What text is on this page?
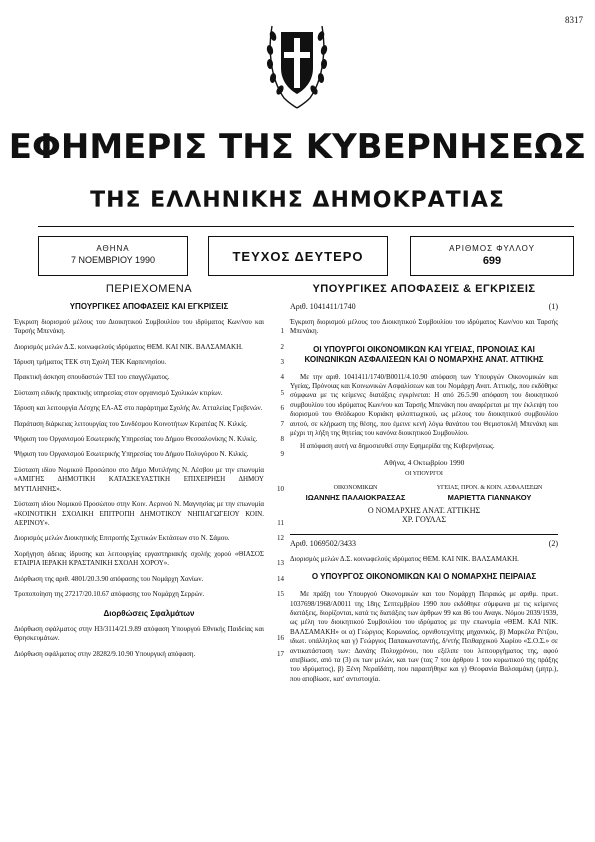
8317
ΕΦΗΜΕΡΙΣ ΤΗΣ ΚΥΒΕΡΝΗΣΕΩΣ
ΤΗΣ ΕΛΛΗΝΙΚΗΣ ΔΗΜΟΚΡΑΤΙΑΣ
ΑΘΗΝΑ
7 ΝΟΕΜΒΡΙΟΥ 1990	ΤΕΥΧΟΣ ΔΕΥΤΕΡΟ
ΑΡΙΘΜΟΣ ΦΥΛΛΟΥ
699
ΠΕΡΙΕΧΟΜΕΝΑ
ΥΠΟΥΡΓΙΚΕΣ ΑΠΟΦΑΣΕΙΣ ΚΑΙ ΕΓΚΡΙΣΕΙΣ
Έγκριση διορισμού μέλους του Διοικητικού Συμβουλίου του ιδρύματος Κων/νου και Ταρσής Μπενάκη.	1
Διορισμός μελών Δ.Σ. κοινωφελούς ιδρύματος ΘΕΜ. ΚΑΙ ΝΙΚ. ΒΑΛΣΑΜΑΚΗ.	2
Ίδρυση τμήματος ΤΕΚ στη Σχολή ΤΕΚ Καρπενησίου.	3
Πρακτική άσκηση σπουδαστών ΤΕΙ του επαγγέλματος.	4
Σύσταση ειδικής πρακτικής υπηρεσίας στον οργανισμό Σχολικών κτιρίων.	5
Ίδρυση και λειτουργία Λέσχης ΕΛ-ΑΣ στο παράρτημα Σχολής Αν. Ατταλείας Γρεβενών.	6
Παράταση διάρκειας λειτουργίας του Συνδέσμου Κοινοτήτων Κερατέας Ν. Κιλκίς.	7
Ψήφιση του Οργανισμού Εσωτερικής Υπηρεσίας του Δήμου Θεσσαλονίκης Ν. Κιλκίς.	8
Ψήφιση του Οργανισμού Εσωτερικής Υπηρεσίας του Δήμου Πολυγύρου Ν. Κιλκίς.	9
Σύσταση ιδίου Νομικού Προσώπου στο Δήμο Μυτιλήνης Ν. Λέσβου με την επωνυμία «ΑΜΙΓΗΣ ΔΗΜΟΤΙΚΗ ΚΑΤΑΣΚΕΥΑΣΤΙΚΗ ΕΠΙΧΕΙΡΗΣΗ ΔΗΜΟΥ ΜΥΤΙΛΗΝΗΣ».	10
Σύσταση ιδίου Νομικού Προσώπου στην Κοιν. Αερινού Ν. Μαγνησίας με την επωνυμία «ΚΟΙΝΟΤΙΚΗ ΣΧΟΛΙΚΗ ΕΠΙΤΡΟΠΗ ΔΗΜΟΤΙΚΟΥ ΝΗΠΙΑΓΩΓΕΙΟΥ ΚΟΙΝ. ΑΕΡΙΝΟΥ».	11
Διορισμός μελών Διοικητικής Επιτροπής Σχετικών Εκτάσεων στο Ν. Σάμου.	12
Χορήγηση άδειας ίδρυσης και λειτουργίας εργαστηριακής σχολής χορού «ΘΙΑΣΟΣ ΕΤΑΙΡΙΑ ΙΕΡΑΚΗ ΚΡΑΣΤΑΝΙΚΗ ΣΧΟΛΗ ΧΟΡΟΥ».	13
Διόρθωση της αριθ. 4801/20.3.90 απόφασης του Νομάρχη Χανίων.	14
Τροποποίηση της 27217/20.10.67 απόφασης του Νομάρχη Σερρών.	15
Διορθώσεις Σφαλμάτων
Διόρθωση σφάλματος στην Η3/3114/21.9.89 απόφαση Υπουργού Εθνικής Παιδείας και Θρησκευμάτων.	16
Διόρθωση σφάλματος στην 28282/9.10.90 Υπουργική απόφαση.	17
ΥΠΟΥΡΓΙΚΕΣ ΑΠΟΦΑΣΕΙΣ & ΕΓΚΡΙΣΕΙΣ
Αριθ. 1041411/1740	(1)
Έγκριση διορισμού μέλους του Διοικητικού Συμβουλίου του ιδρύματος Κων/νου και Ταρσής Μπενάκη.
ΟΙ ΥΠΟΥΡΓΟΙ ΟΙΚΟΝΟΜΙΚΩΝ ΚΑΙ ΥΓΕΙΑΣ, ΠΡΟΝΟΙΑΣ ΚΑΙ ΚΟΙΝΩΝΙΚΩΝ ΑΣΦΑΛΙΣΕΩΝ ΚΑΙ Ο ΝΟΜΑΡΧΗΣ ΑΝΑΤ. ΑΤΤΙΚΗΣ
Με την αριθ. 1041411/1740/Β0011/4.10.90 απόφαση των Υπουργών Οικονομικών και Υγείας, Πρόνοιας και Κοινωνικών Ασφαλίσεων και του Νομάρχη Ανατ. Αττικής, που εκδόθηκε σύμφωνα με τις κείμενες διατάξεις εγκρίνεται: Η από 26.5.90 απόφαση του διοικητικού συμβουλίου του ιδρύματος Κων/νου και Ταρσής Μπενάκη που αναφέρεται με την έκλειψη του διορισμού του Θεόδωρου Κυριάκη φιλοπτωχικού, ως μέλους του διοικητικού συμβουλίου αυτού, σε κλήρωση της θέσης, που έμεινε κενή λόγω θανάτου του Θεμιστοκλή Μπενάκη και μέχρι τη λήξη της θητείας του κανόνα διοικητικού Συμβουλίου.
Η απόφαση αυτή να δημοσιευθεί στην Εφημερίδα της Κυβερνήσεως.
Αθήνα, 4 Οκτωβρίου 1990
ΟΙ ΥΠΟΥΡΓΟΙ
ΟΙΚΟΝΟΜΙΚΩΝ
ΙΩΑΝΝΗΣ ΠΑΛΑΙΟΚΡΑΣΣΑΣ
ΥΓΕΙΑΣ, ΠΡΟΝ. & ΚΟΙΝ. ΑΣΦΑΛΙΣΕΩΝ
ΜΑΡΙΕΤΤΑ ΓΙΑΝΝΑΚΟΥ
Ο ΝΟΜΑΡΧΗΣ ΑΝΑΤ. ΑΤΤΙΚΗΣ
ΧΡ. ΓΟΥΛΑΣ
Αριθ. 1069502/3433	(2)
Διορισμός μελών Δ.Σ. κοινωφελούς ιδρύματος ΘΕΜ. ΚΑΙ ΝΙΚ. ΒΑΛΣΑΜΑΚΗ.
Ο ΥΠΟΥΡΓΟΣ ΟΙΚΟΝΟΜΙΚΩΝ ΚΑΙ Ο ΝΟΜΑΡΧΗΣ ΠΕΙΡΑΙΑΣ
Με πράξη του Υπουργού Οικονομικών και του Νομάρχη Πειραιώς με αριθμ. πρωτ. 1037698/1968/Α0011 της 18ης Σεπτεμβρίου 1990 που εκδόθηκε σύμφωνα με τις κείμενες διατάξεις, διορίζονται, κατά τις διατάξεις των άρθρων 99 και 86 του Αναγκ. Νόμου 2039/1939, ως μέλη του διοικητικού Συμβουλίου του ιδρύματος με την επωνυμία «ΘΕΜ. ΚΑΙ ΝΙΚ. ΒΑΛΣΑΜΑΚΗ» οι α) Γεώργιος Κορωναίος, ορνιθοτεχνίτης μηχανικός, β) Μαρκέλα Ρέτζου, ιδιωτ. υπάλληλος και γ) Γεώργιος Παπακωνσταντής, δ/ντής Πειθαρχικού Χωρίου «Σ.Ο.Σ.» σε αντικατάσταση των: Δανάης Πολυχρόνου, που εξέλιπε του λειτουργήματος της, αφού απεβίωσε, από τα (3) εκ των μελών, και των (τας 7 του άρθρου 1 του κυρωτικού της πράξης του ιδρύματος), β) Ξένη Νεραϊδάτη, που παραιτήθηκε και γ) Θεοφανία Βαλσαμάκη (μητρ.), που αποβίωσε, κατ' αντιστοιχία.
